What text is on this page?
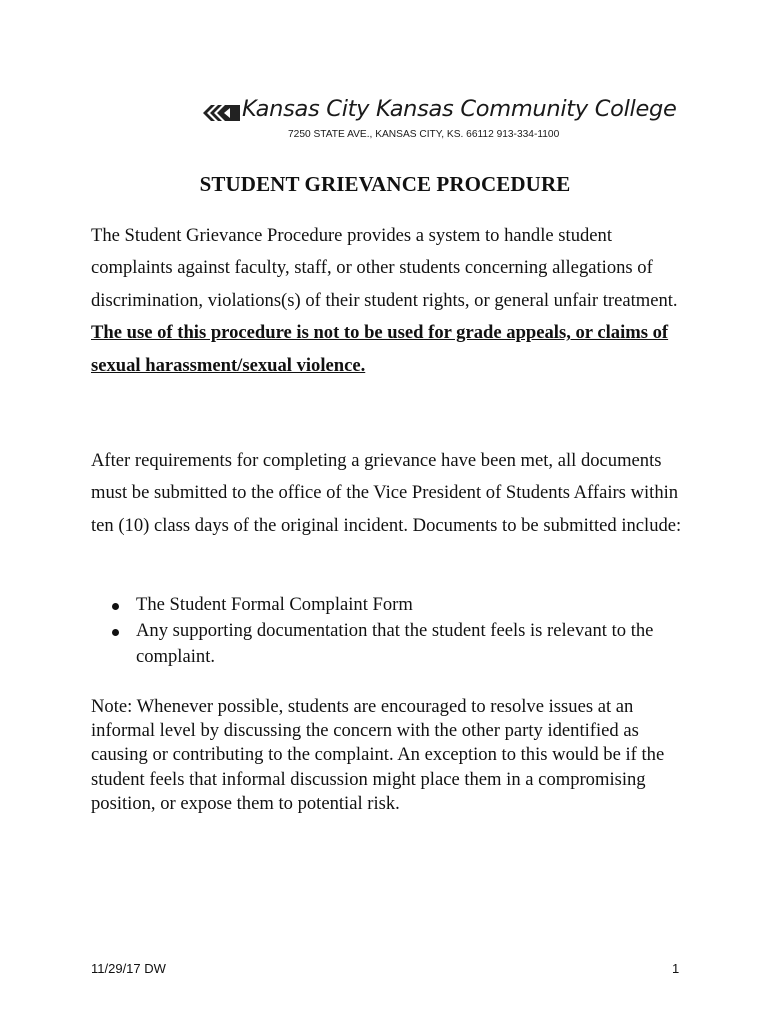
Kansas City Kansas Community College
7250 STATE AVE., KANSAS CITY, KS. 66112 913-334-1100
STUDENT GRIEVANCE PROCEDURE

The Student Grievance Procedure provides a system to handle student complaints against faculty, staff, or other students concerning allegations of discrimination, violations(s) of their student rights, or general unfair treatment. The use of this procedure is not to be used for grade appeals, or claims of sexual harassment/sexual violence.

After requirements for completing a grievance have been met, all documents must be submitted to the office of the Vice President of Students Affairs within ten (10) class days of the original incident. Documents to be submitted include:

The Student Formal Complaint Form
Any supporting documentation that the student feels is relevant to the complaint.

Note: Whenever possible, students are encouraged to resolve issues at an informal level by discussing the concern with the other party identified as causing or contributing to the complaint. An exception to this would be if the student feels that informal discussion might place them in a compromising position, or expose them to potential risk.

11/29/17 DW	1
